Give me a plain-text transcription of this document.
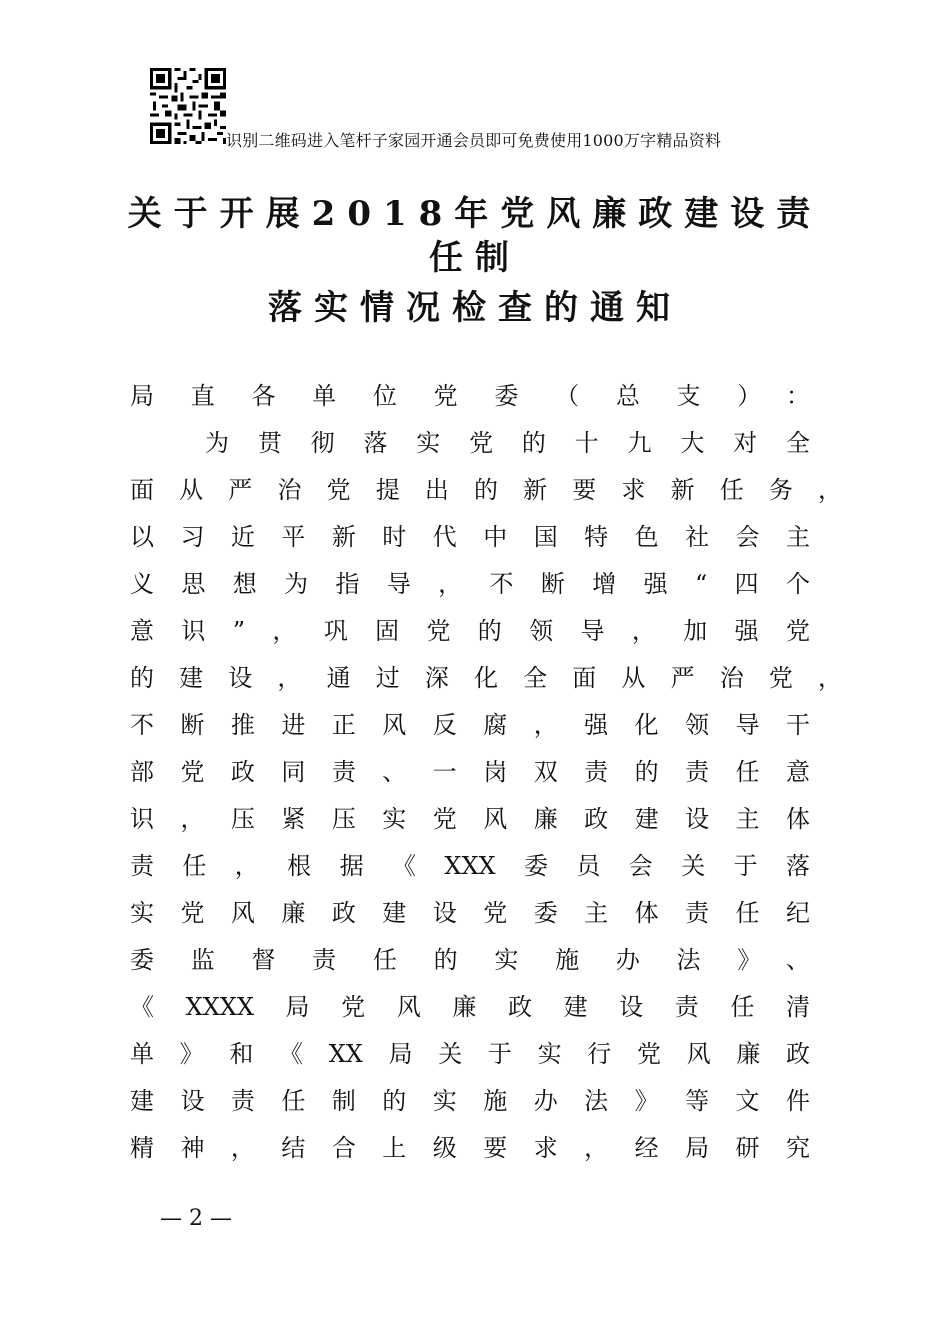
识别二维码进入笔杆子家园开通会员即可免费使用1000万字精品资料
关于开展2018年党风廉政建设责
任制
落实情况检查的通知
局直各单位党委（总支）：
为贯彻落实党的十九大对全
面从严治党提出的新要求新任务，
以习近平新时代中国特色社会主
义思想为指导，不断增强“四个
意识”，巩固党的领导，加强党
的建设，通过深化全面从严治党，
不断推进正风反腐，强化领导干
部党政同责、一岗双责的责任意
识，压紧压实党风廉政建设主体
责任，根据《XXX委员会关于落
实党风廉政建设党委主体责任纪
委监督责任的实施办法》、
《XXXX局党风廉政建设责任清
单》和《XX局关于实行党风廉政
建设责任制的实施办法》等文件
精神，结合上级要求，经局研究
— 2 —
